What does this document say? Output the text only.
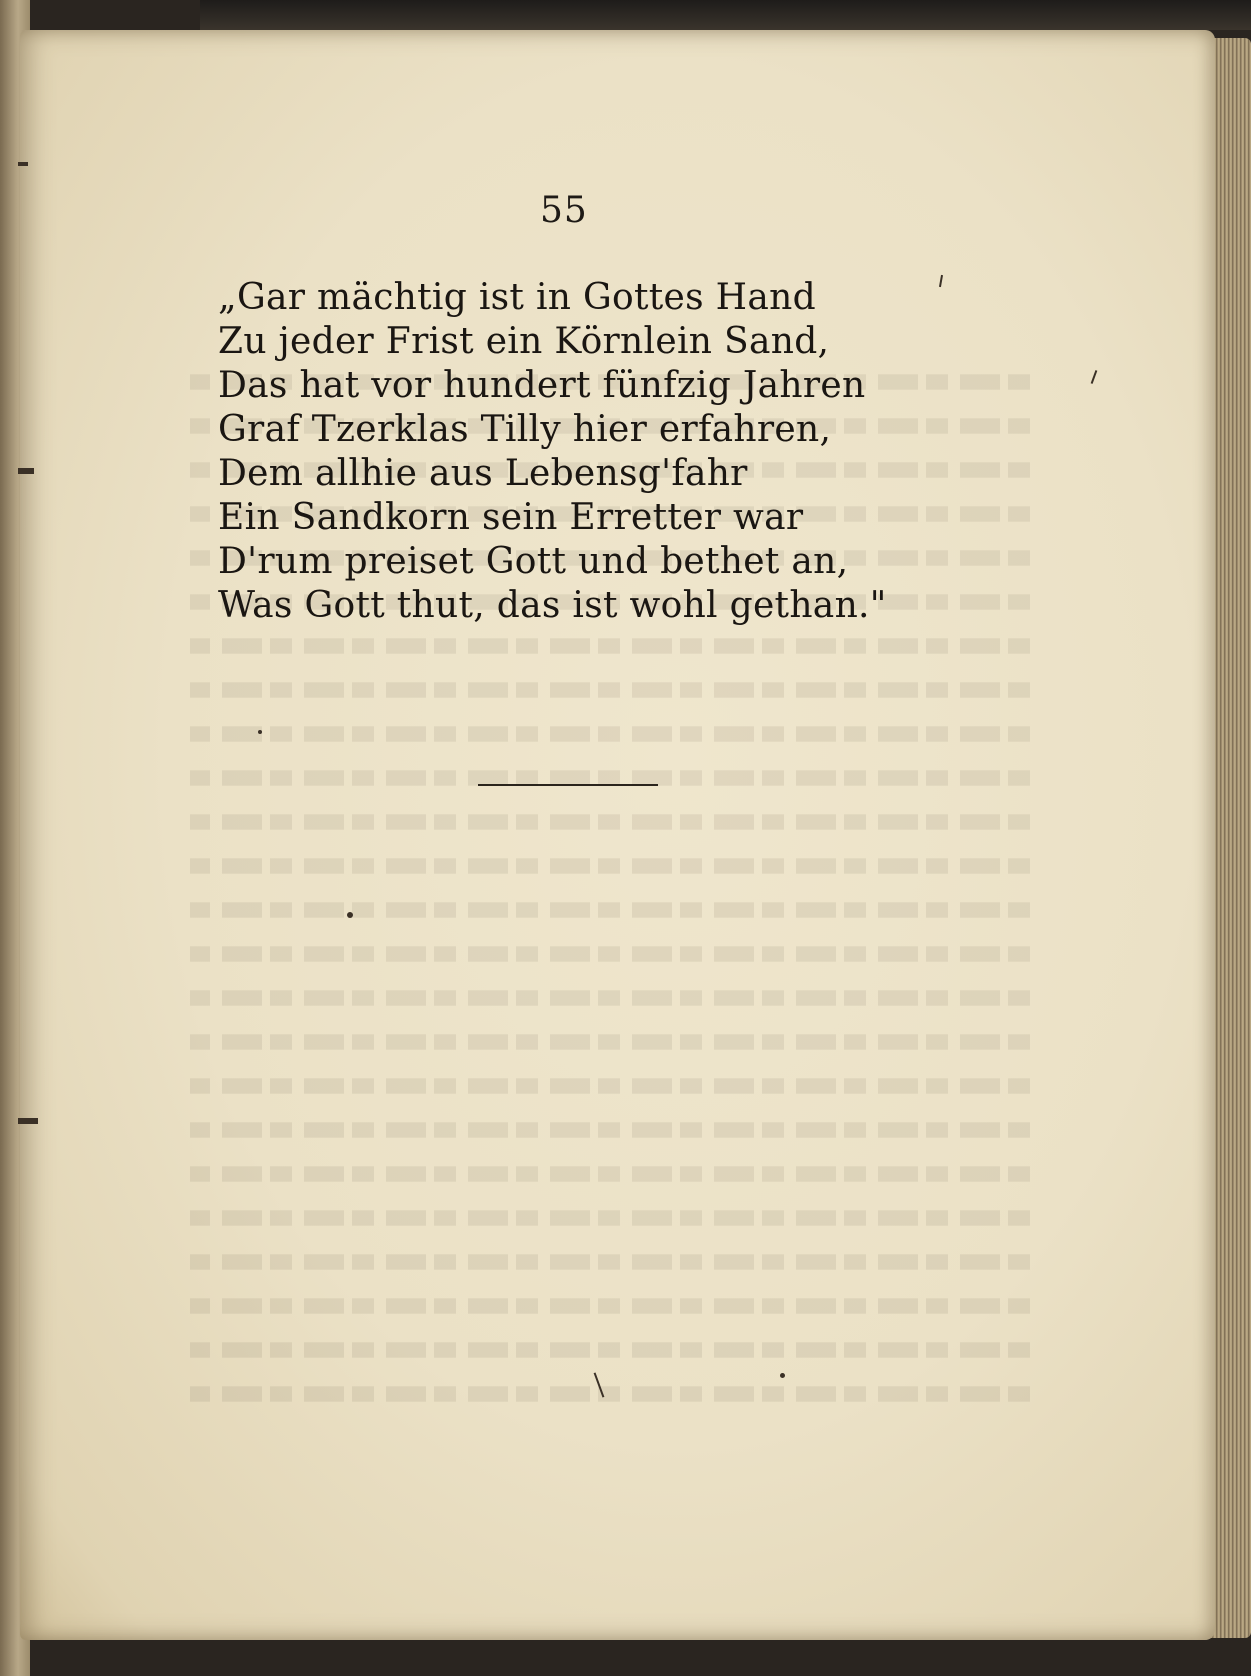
55
„Gar mächtig ist in Gottes Hand
Zu jeder Frist ein Körnlein Sand,
Das hat vor hundert fünfzig Jahren
Graf Tzerklas Tilly hier erfahren,
Dem allhie aus Lebensg'fahr
Ein Sandkorn sein Erretter war
D'rum preiset Gott und bethet an,
Was Gott thut, das ist wohl gethan."
